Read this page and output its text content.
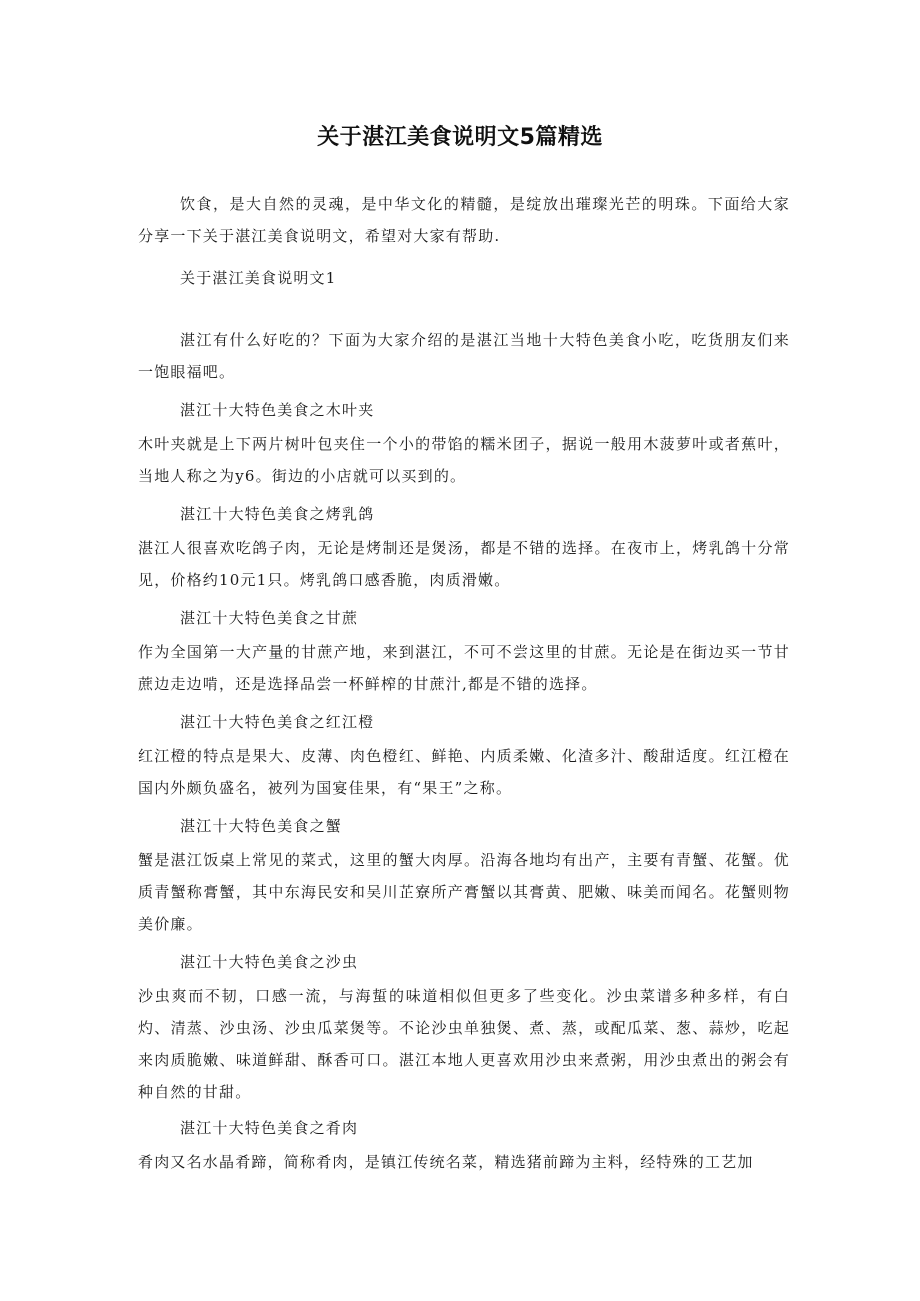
关于湛江美食说明文5篇精选

饮食，是大自然的灵魂，是中华文化的精髓，是绽放出璀璨光芒的明珠。下面给大家分享一下关于湛江美食说明文，希望对大家有帮助.

关于湛江美食说明文1

湛江有什么好吃的？下面为大家介绍的是湛江当地十大特色美食小吃，吃货朋友们来一饱眼福吧。

湛江十大特色美食之木叶夹

木叶夹就是上下两片树叶包夹住一个小的带馅的糯米团子，据说一般用木菠萝叶或者蕉叶，当地人称之为y6。街边的小店就可以买到的。

湛江十大特色美食之烤乳鸽

湛江人很喜欢吃鸽子肉，无论是烤制还是煲汤，都是不错的选择。在夜市上，烤乳鸽十分常见，价格约10元1只。烤乳鸽口感香脆，肉质滑嫩。

湛江十大特色美食之甘蔗

作为全国第一大产量的甘蔗产地，来到湛江，不可不尝这里的甘蔗。无论是在街边买一节甘蔗边走边啃，还是选择品尝一杯鲜榨的甘蔗汁,都是不错的选择。

湛江十大特色美食之红江橙

红江橙的特点是果大、皮薄、肉色橙红、鲜艳、内质柔嫩、化渣多汁、酸甜适度。红江橙在国内外颇负盛名，被列为国宴佳果，有“果王”之称。

湛江十大特色美食之蟹

蟹是湛江饭桌上常见的菜式，这里的蟹大肉厚。沿海各地均有出产，主要有青蟹、花蟹。优质青蟹称膏蟹，其中东海民安和吴川芷寮所产膏蟹以其膏黄、肥嫩、味美而闻名。花蟹则物美价廉。

湛江十大特色美食之沙虫

沙虫爽而不韧，口感一流，与海蜇的味道相似但更多了些变化。沙虫菜谱多种多样，有白灼、清蒸、沙虫汤、沙虫瓜菜煲等。不论沙虫单独煲、煮、蒸，或配瓜菜、葱、蒜炒，吃起来肉质脆嫩、味道鲜甜、酥香可口。湛江本地人更喜欢用沙虫来煮粥，用沙虫煮出的粥会有种自然的甘甜。

湛江十大特色美食之肴肉

肴肉又名水晶肴蹄，简称肴肉，是镇江传统名菜，精选猪前蹄为主料，经特殊的工艺加
